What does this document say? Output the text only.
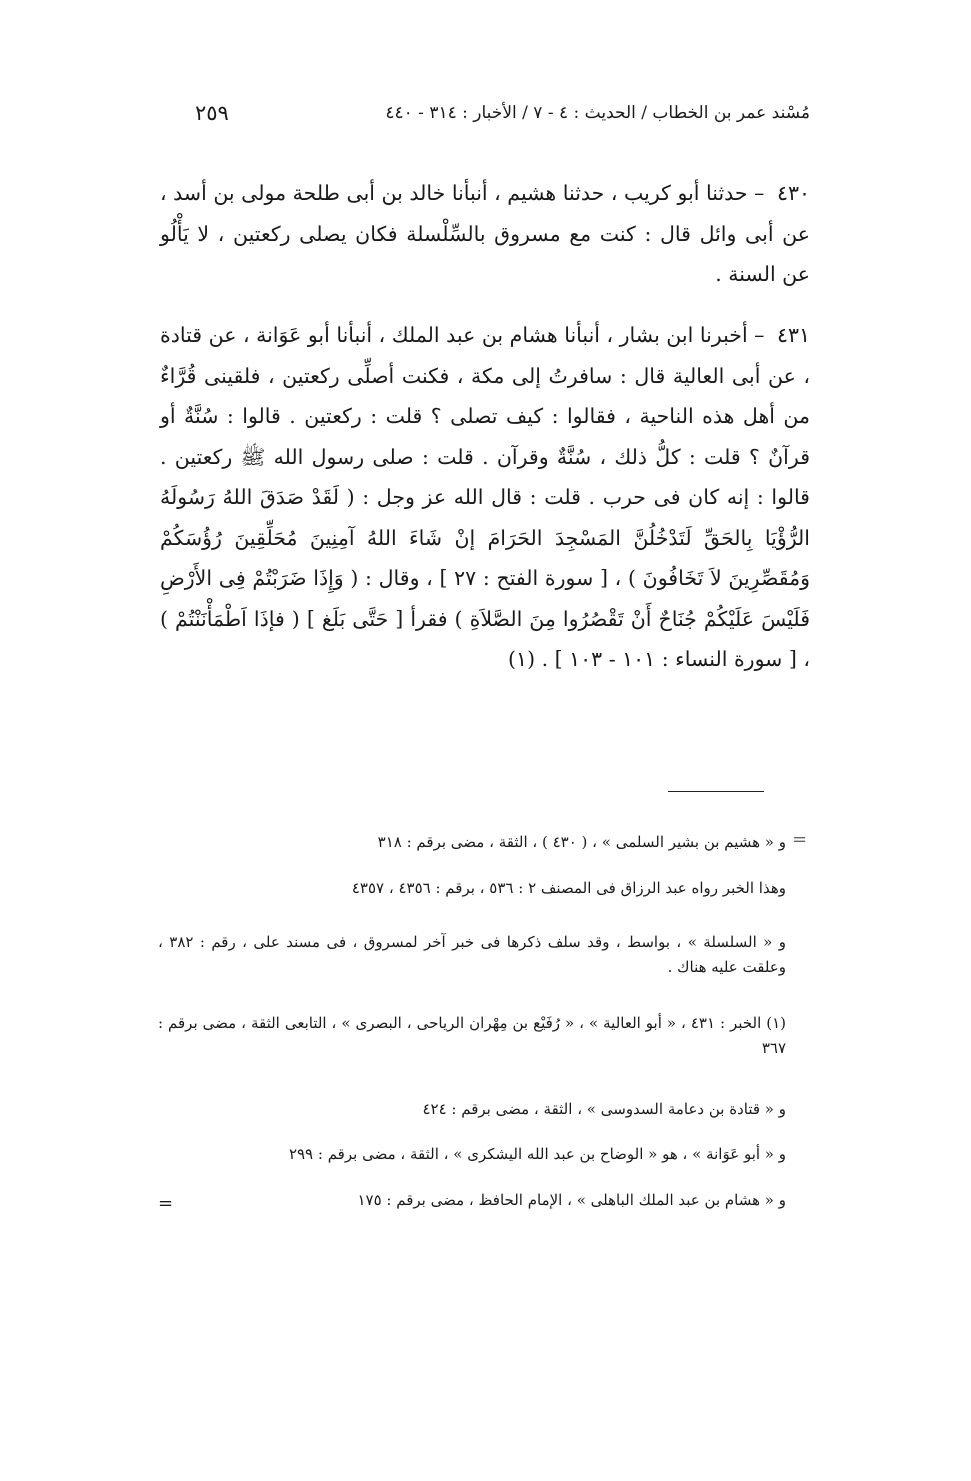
مُسْند عمر بن الخطاب / الحديث : ٤ - ٧ / الأخبار : ٣١٤ - ٤٤٠
٢٥٩

٤٣٠ – حدثنا أبو كريب ، حدثنا هشيم ، أنبأنا خالد بن أبى طلحة مولى بن أسد ، عن أبى وائل قال : كنت مع مسروق بالسِّلْسلة فكان يصلى ركعتين ، لا يَأْلُو عن السنة .

٤٣١ – أخبرنا ابن بشار ، أنبأنا هشام بن عبد الملك ، أنبأنا أبو عَوَانة ، عن قتادة ، عن أبى العالية قال : سافرتُ إلى مكة ، فكنت أصلِّى ركعتين ، فلقينى قُرَّاءٌ من أهل هذه الناحية ، فقالوا : كيف تصلى ؟ قلت : ركعتين . قالوا : سُنَّةٌ أو قرآنٌ ؟ قلت : كلُّ ذلك ، سُنَّةٌ وقرآن . قلت : صلى رسول الله ﷺ ركعتين . قالوا : إنه كان فى حرب . قلت : قال الله عز وجل : ( لَقَدْ صَدَقَ اللهُ رَسُولَهُ الرُّؤْيَا بِالحَقِّ لَتَدْخُلُنَّ المَسْجِدَ الحَرَامَ إنْ شَاءَ اللهُ آمِنِينَ مُحَلِّقِينَ رُؤُسَكُمْ وَمُقَصِّرِينَ لاَ تَخَافُونَ ) ، [ سورة الفتح : ٢٧ ] ، وقال : ( وَإِذَا ضَرَبْتُمْ فِى الأَرْضِ فَلَيْسَ عَلَيْكُمْ جُنَاحٌ أَنْ تَقْصُرُوا مِنَ الصَّلاَةِ ) فقرأ [ حَتَّى بَلَغ ] ( فإذَا اَطْمَأْنَنْتُمْ ) ، [ سورة النساء : ١٠١ - ١٠٣ ] . (١)

=
و « هشيم بن بشير السلمى » ، ( ٤٣٠ ) ، الثقة ، مضى برقم : ٣١٨
وهذا الخبر رواه عبد الرزاق فى المصنف ٢ : ٥٣٦ ، برقم : ٤٣٥٦ ، ٤٣٥٧
و « السلسلة » ، بواسط ، وقد سلف ذكرها فى خبر آخر لمسروق ، فى مسند على ، رقم : ٣٨٢ ، وعلقت عليه هناك .
(١) الخبر : ٤٣١ ، « أبو العالية » ، « رُفَيْع بن مِهْران الرياحى ، البصرى » ، التابعى الثقة ، مضى برقم : ٣٦٧
و « قتادة بن دعامة السدوسى » ، الثقة ، مضى برقم : ٤٢٤
و « أبو عَوَانة » ، هو « الوضاح بن عبد الله اليشكرى » ، الثقة ، مضى برقم : ٢٩٩
و « هشام بن عبد الملك الباهلى » ، الإمام الحافظ ، مضى برقم : ١٧٥
=
